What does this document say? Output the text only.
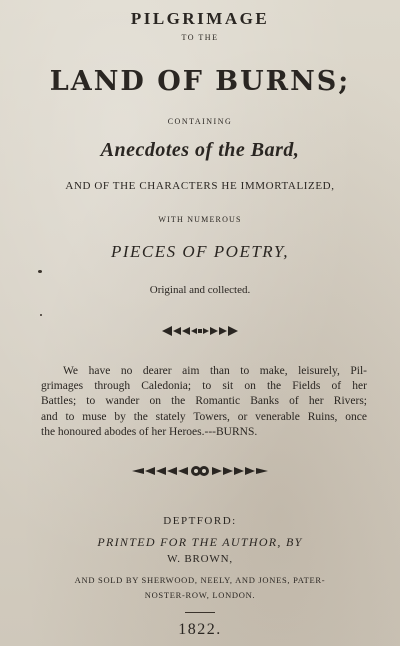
PILGRIMAGE
TO THE
LAND OF BURNS;
CONTAINING
Anecdotes of the Bard,
AND OF THE CHARACTERS HE IMMORTALIZED,
WITH NUMEROUS
PIECES OF POETRY,
Original and collected.
We have no dearer aim than to make, leisurely, Pil-
grimages through Caledonia; to sit on the Fields of her
Battles; to wander on the Romantic Banks of her Rivers;
and to muse by the stately Towers, or venerable Ruins, once
the honoured abodes of her Heroes.---BURNS.
DEPTFORD:
PRINTED FOR THE AUTHOR, BY
W. BROWN,
AND SOLD BY SHERWOOD, NEELY, AND JONES, PATER-
NOSTER-ROW, LONDON.
1822.
